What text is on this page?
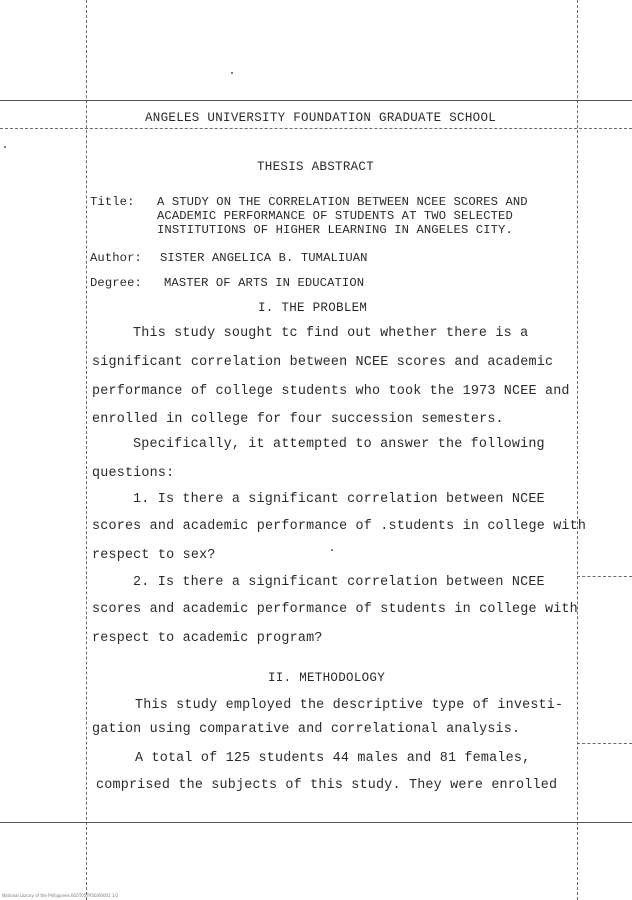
ANGELES UNIVERSITY FOUNDATION GRADUATE SCHOOL
THESIS ABSTRACT
Title: A STUDY ON THE CORRELATION BETWEEN NCEE SCORES AND
ACADEMIC PERFORMANCE OF STUDENTS AT TWO SELECTED
INSTITUTIONS OF HIGHER LEARNING IN ANGELES CITY.
Author: SISTER ANGELICA B. TUMALIUAN
Degree: MASTER OF ARTS IN EDUCATION
I. THE PROBLEM
This study sought tc find out whether there is a
significant correlation between NCEE scores and academic
performance of college students who took the 1973 NCEE and
enrolled in college for four succession semesters.
Specifically, it attempted to answer the following
questions:
1. Is there a significant correlation between NCEE
scores and academic performance of .students in college with
respect to sex?
2. Is there a significant correlation between NCEE
scores and academic performance of students in college with
respect to academic program?
II. METHODOLOGY
This study employed the descriptive type of investi-
gation using comparative and correlational analysis.
A total of 125 students 44 males and 81 females,
comprised the subjects of this study. They were enrolled
National Library of the Philippines B10T057950/00001 1/2
